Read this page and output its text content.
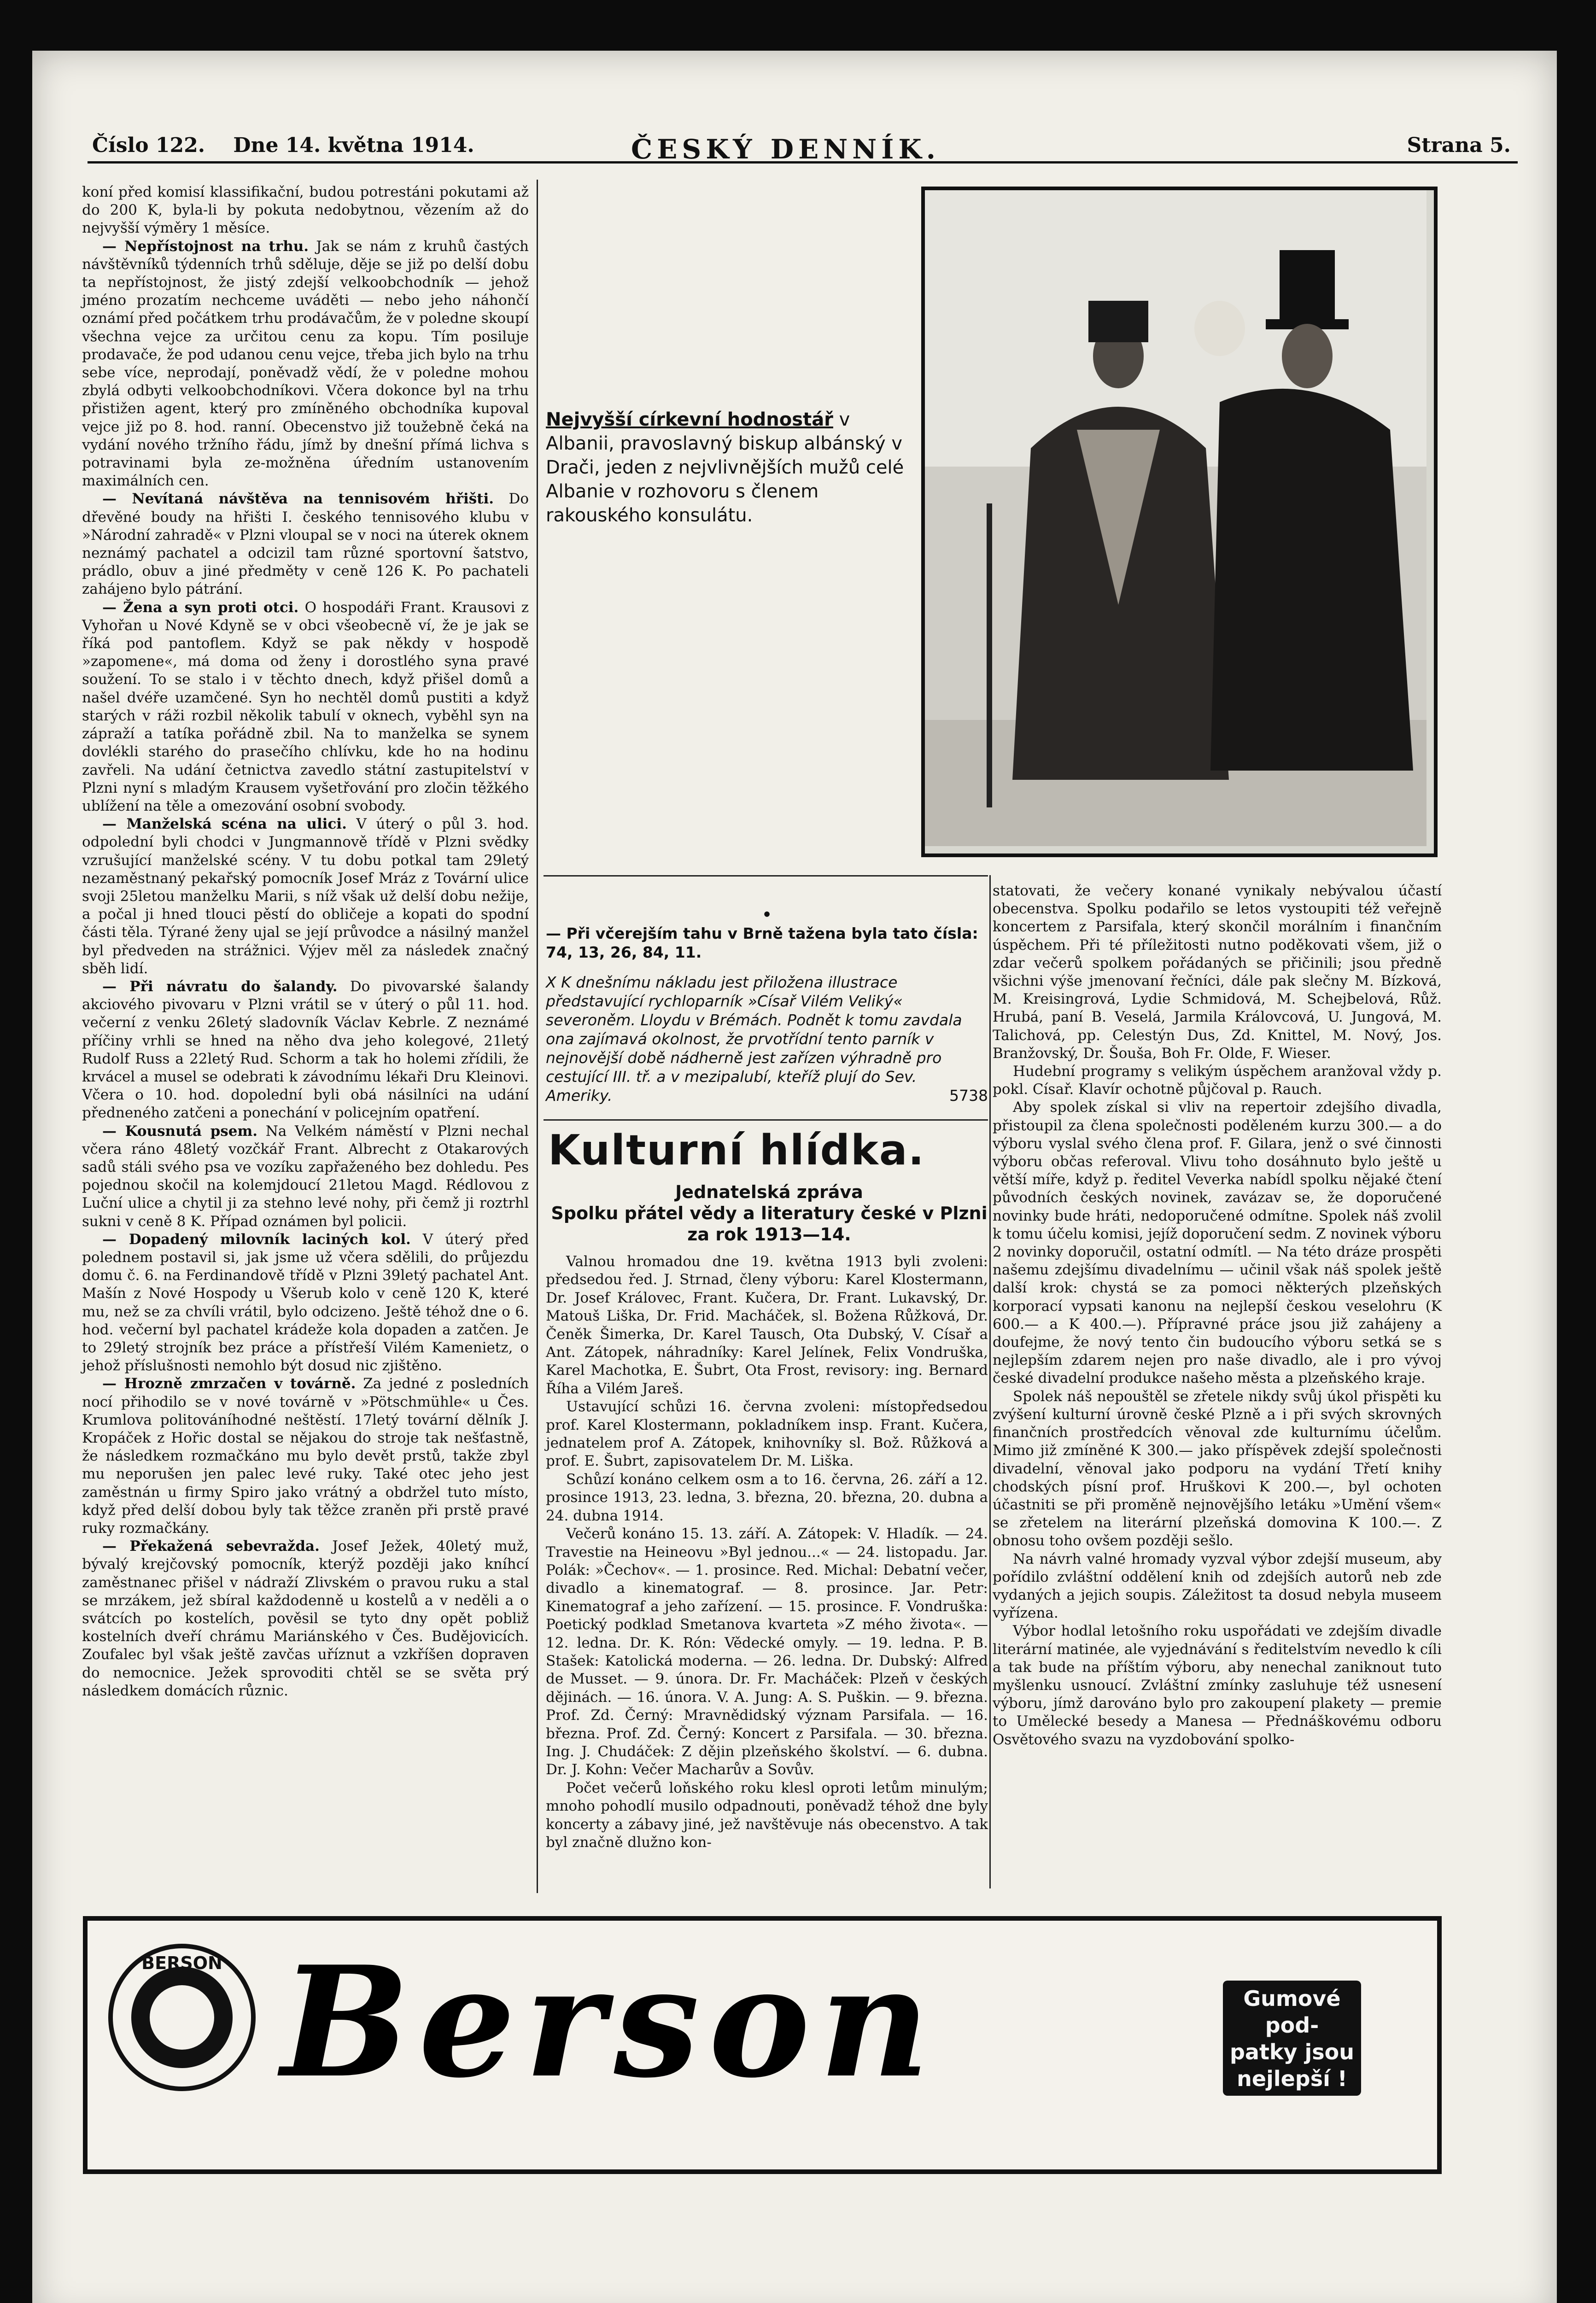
Číslo 122. Dne 14. května 1914.	ČESKÝ DENNÍK.	Strana 5.

koní před komisí klassifikační, budou potrestáni pokutami až do 200 K, byla-li by pokuta nedobytnou, vězením až do nejvyšší výměry 1 měsíce.

— Nepřístojnost na trhu. Jak se nám z kruhů častých návštěvníků týdenních trhů sděluje, děje se již po delší dobu ta nepřístojnost, že jistý zdejší velkoobchodník — jehož jméno prozatím nechceme uváděti — nebo jeho náhončí oznámí před počátkem trhu prodávačům, že v poledne skoupí všechna vejce za určitou cenu za kopu. Tím posiluje prodavače, že pod udanou cenu vejce, třeba jich bylo na trhu sebe více, neprodají, poněvadž vědí, že v poledne mohou zbylá odbyti velkoobchodníkovi. Včera dokonce byl na trhu přistižen agent, který pro zmíněného obchodníka kupoval vejce již po 8. hod. ranní. Obecenstvo již toužebně čeká na vydání nového tržního řádu, jímž by dnešní přímá lichva s potravinami byla ze-možněna úředním ustanovením maximálních cen.

— Nevítaná návštěva na tennisovém hřišti. Do dřevěné boudy na hřišti I. českého tennisového klubu v »Národní zahradě« v Plzni vloupal se v noci na úterek oknem neznámý pachatel a odcizil tam různé sportovní šatstvo, prádlo, obuv a jiné předměty v ceně 126 K. Po pachateli zahájeno bylo pátrání.

— Žena a syn proti otci. O hospodáři Frant. Krausovi z Vyhořan u Nové Kdyně se v obci všeobecně ví, že je jak se říká pod pantoflem. Když se pak někdy v hospodě »zapomene«, má doma od ženy i dorostlého syna pravé soužení. To se stalo i v těchto dnech, když přišel domů a našel dvéře uzamčené. Syn ho nechtěl domů pustiti a když starých v ráži rozbil několik tabulí v oknech, vyběhl syn na zápraží a tatíka pořádně zbil. Na to manželka se synem dovlékli starého do prasečího chlívku, kde ho na hodinu zavřeli. Na udání četnictva zavedlo státní zastupitelství v Plzni nyní s mladým Krausem vyšetřování pro zločin těžkého ublížení na těle a omezování osobní svobody.

— Manželská scéna na ulici. V úterý o půl 3. hod. odpolední byli chodci v Jungmannově třídě v Plzni svědky vzrušující manželské scény. V tu dobu potkal tam 29letý nezaměstnaný pekařský pomocník Josef Mráz z Tovární ulice svoji 25letou manželku Marii, s níž však už delší dobu nežije, a počal ji hned tlouci pěstí do obličeje a kopati do spodní části těla. Týrané ženy ujal se její průvodce a násilný manžel byl předveden na strážnici. Výjev měl za následek značný sběh lidí.

— Při návratu do šalandy. Do pivovarské šalandy akciového pivovaru v Plzni vrátil se v úterý o půl 11. hod. večerní z venku 26letý sladovník Václav Kebrle. Z neznámé příčiny vrhli se hned na něho dva jeho kolegové, 21letý Rudolf Russ a 22letý Rud. Schorm a tak ho holemi zřídili, že krvácel a musel se odebrati k závodnímu lékaři Dru Kleinovi. Včera o 10. hod. dopolední byli obá násilníci na udání předneného zatčeni a ponechání v policejním opatření.

— Kousnutá psem. Na Velkém náměstí v Plzni nechal včera ráno 48letý vozčkář Frant. Albrecht z Otakarových sadů stáli svého psa ve vozíku zapřaženého bez dohledu. Pes pojednou skočil na kolemjdoucí 21letou Magd. Rédlovou z Luční ulice a chytil ji za stehno levé nohy, při čemž ji roztrhl sukni v ceně 8 K. Případ oznámen byl policii.

— Dopadený milovník laciných kol. V úterý před polednem postavil si, jak jsme už včera sdělili, do průjezdu domu č. 6. na Ferdinandově třídě v Plzni 39letý pachatel Ant. Mašín z Nové Hospody u Všerub kolo v ceně 120 K, které mu, než se za chvíli vrátil, bylo odcizeno. Ještě téhož dne o 6. hod. večerní byl pachatel krádeže kola dopaden a zatčen. Je to 29letý strojník bez práce a přístřeší Vilém Kamenietz, o jehož příslušnosti nemohlo být dosud nic zjištěno.

— Hrozně zmrzačen v továrně. Za jedné z posledních nocí přihodilo se v nové továrně v »Pötschmühle« u Čes. Krumlova politováníhodné neštěstí. 17letý tovární dělník J. Kropáček z Hořic dostal se nějakou do stroje tak nešťastně, že následkem rozmačkáno mu bylo devět prstů, takže zbyl mu neporušen jen palec levé ruky. Také otec jeho jest zaměstnán u firmy Spiro jako vrátný a obdržel tuto místo, když před delší dobou byly tak těžce zraněn při prstě pravé ruky rozmačkány.

— Překažená sebevražda. Josef Ježek, 40letý muž, bývalý krejčovský pomocník, kterýž později jako kníhcí zaměstnanec přišel v nádraží Zlivském o pravou ruku a stal se mrzákem, jež sbíral každodenně u kostelů a v neděli a o svátcích po kostelích, pověsil se tyto dny opět pobliž kostelních dveří chrámu Mariánského v Čes. Budějovicích. Zoufalec byl však ještě zavčas uříznut a vzkříšen dopraven do nemocnice. Ježek sprovoditi chtěl se se světa prý následkem domácích různic.

Nejvyšší církevní hodnostář v Albanii, pravoslavný biskup albánský v Drači, jeden z nejvlivnějších mužů celé Albanie v rozhovoru s členem rakouského konsulátu.
•
— Při včerejším tahu v Brně tažena byla tato čísla: 74, 13, 26, 84, 11.
X K dnešnímu nákladu jest přiložena illustrace představující rychloparník »Císař Vilém Veliký« severoněm. Lloydu v Brémách. Podnět k tomu zavdala ona zajímavá okolnost, že prvotřídní tento parník v nejnovější době nádherně jest zařízen výhradně pro cestující III. tř. a v mezipalubí, kteříž plují do Sev. Ameriky.	5738
Kulturní hlídka.
Jednatelská zpráva
Spolku přátel vědy a literatury české v Plzni za rok 1913—14.

Valnou hromadou dne 19. května 1913 byli zvoleni: předsedou řed. J. Strnad, členy výboru: Karel Klostermann, Dr. Josef Královec, Frant. Kučera, Dr. Frant. Lukavský, Dr. Matouš Liška, Dr. Frid. Macháček, sl. Božena Růžková, Dr. Čeněk Šimerka, Dr. Karel Tausch, Ota Dubský, V. Císař a Ant. Zátopek, náhradníky: Karel Jelínek, Felix Vondruška, Karel Machotka, E. Šubrt, Ota Frost, revisory: ing. Bernard Říha a Vilém Jareš.

Ustavující schůzi 16. června zvoleni: místopředsedou prof. Karel Klostermann, pokladníkem insp. Frant. Kučera, jednatelem prof A. Zátopek, knihovníky sl. Bož. Růžková a prof. E. Šubrt, zapisovatelem Dr. M. Liška.

Schůzí konáno celkem osm a to 16. června, 26. září a 12. prosince 1913, 23. ledna, 3. března, 20. března, 20. dubna a 24. dubna 1914.

Večerů konáno 15. 13. září. A. Zátopek: V. Hladík. — 24. Travestie na Heineovu »Byl jednou...« — 24. listopadu. Jar. Polák: »Čechov«. — 1. prosince. Red. Michal: Debatní večer, divadlo a kinematograf. — 8. prosince. Jar. Petr: Kinematograf a jeho zařízení. — 15. prosince. F. Vondruška: Poetický podklad Smetanova kvarteta »Z mého života«. — 12. ledna. Dr. K. Rón: Vědecké omyly. — 19. ledna. P. B. Stašek: Katolická moderna. — 26. ledna. Dr. Dubský: Alfred de Musset. — 9. února. Dr. Fr. Macháček: Plzeň v českých dějinách. — 16. února. V. A. Jung: A. S. Puškin. — 9. března. Prof. Zd. Černý: Mravnědidský význam Parsifala. — 16. března. Prof. Zd. Černý: Koncert z Parsifala. — 30. března. Ing. J. Chudáček: Z dějin plzeňského školství. — 6. dubna. Dr. J. Kohn: Večer Macharův a Sovův.

Počet večerů loňského roku klesl oproti letům minulým; mnoho pohodlí musilo odpadnouti, poněvadž téhož dne byly koncerty a zábavy jiné, jež navštěvuje nás obecenstvo. A tak byl značně dlužno kon-

statovati, že večery konané vynikaly nebývalou účastí obecenstva. Spolku podařilo se letos vystoupiti též veřejně koncertem z Parsifala, který skončil morálním i finančním úspěchem. Při té příležitosti nutno poděkovati všem, již o zdar večerů spolkem pořádaných se přičinili; jsou předně všichni výše jmenovaní řečníci, dále pak slečny M. Bízková, M. Kreisingrová, Lydie Schmidová, M. Schejbelová, Růž. Hrubá, paní B. Veselá, Jarmila Královcová, U. Jungová, M. Talichová, pp. Celestýn Dus, Zd. Knittel, M. Nový, Jos. Branžovský, Dr. Šouša, Boh Fr. Olde, F. Wieser.

Hudební programy s velikým úspěchem aranžoval vždy p. pokl. Císař. Klavír ochotně půjčoval p. Rauch.

Aby spolek získal si vliv na repertoir zdejšího divadla, přistoupil za člena společnosti poděleném kurzu 300.— a do výboru vyslal svého člena prof. F. Gilara, jenž o své činnosti výboru občas referoval. Vlivu toho dosáhnuto bylo ještě u větší míře, když p. ředitel Veverka nabídl spolku nějaké čtení původních českých novinek, zavázav se, že doporučené novinky bude hráti, nedoporučené odmítne. Spolek náš zvolil k tomu účelu komisi, jejíž doporučení sedm. Z novinek výboru 2 novinky doporučil, ostatní odmítl. — Na této dráze prospěti našemu zdejšímu divadelnímu — učinil však náš spolek ještě další krok: chystá se za pomoci některých plzeňských korporací vypsati kanonu na nejlepší českou veselohru (K 600.— a K 400.—). Přípravné práce jsou již zahájeny a doufejme, že nový tento čin budoucího výboru setká se s nejlepším zdarem nejen pro naše divadlo, ale i pro vývoj české divadelní produkce našeho města a plzeňského kraje.

Spolek náš nepouštěl se zřetele nikdy svůj úkol přispěti ku zvýšení kulturní úrovně české Plzně a i při svých skrovných finančních prostředcích věnoval zde kulturnímu účelům. Mimo již zmíněné K 300.— jako příspěvek zdejší společnosti divadelní, věnoval jako podporu na vydání Třetí knihy chodských písní prof. Hruškovi K 200.—, byl ochoten účastniti se při proměně nejnovějšího letáku »Umění všem« se zřetelem na literární plzeňská domovina K 100.—. Z obnosu toho ovšem později sešlo.

Na návrh valné hromady vyzval výbor zdejší museum, aby pořídilo zvláštní oddělení knih od zdejších autorů neb zde vydaných a jejich soupis. Záležitost ta dosud nebyla museem vyřízena.

Výbor hodlal letošního roku uspořádati ve zdejším divadle literární matinée, ale vyjednávání s ředitelstvím nevedlo k cíli a tak bude na příštím výboru, aby nenechal zaniknout tuto myšlenku usnoucí. Zvláštní zmínky zasluhuje též usnesení výboru, jímž darováno bylo pro zakoupení plakety — premie to Umělecké besedy a Manesa — Přednáškovému odboru Osvětového svazu na vyzdobování spolko-

BERSON Berson	Gumové pod-
patky jsou
nejlepší !
